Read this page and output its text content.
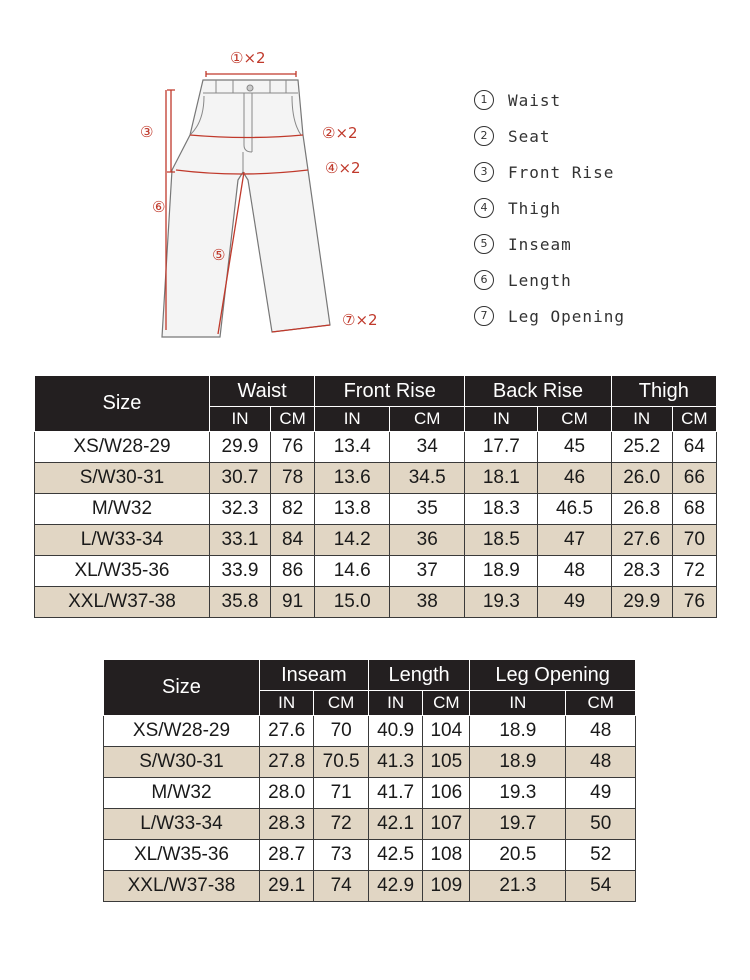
①×2
②×2
④×2
③
⑥
⑤
⑦×2
1	Waist
2	Seat
3	Front Rise
4	Thigh
5	Inseam
6	Length
7	Leg Opening
Size	Waist		Front Rise		Back Rise		Thigh	
	IN	CM	IN	CM	IN	CM	IN	CM
XS/W28-29	29.9	76	13.4	34	17.7	45	25.2	64
S/W30-31	30.7	78	13.6	34.5	18.1	46	26.0	66
M/W32	32.3	82	13.8	35	18.3	46.5	26.8	68
L/W33-34	33.1	84	14.2	36	18.5	47	27.6	70
XL/W35-36	33.9	86	14.6	37	18.9	48	28.3	72
XXL/W37-38	35.8	91	15.0	38	19.3	49	29.9	76
Size	Inseam		Length		Leg Opening	
	IN	CM	IN	CM	IN	CM
XS/W28-29	27.6	70	40.9	104	18.9	48
S/W30-31	27.8	70.5	41.3	105	18.9	48
M/W32	28.0	71	41.7	106	19.3	49
L/W33-34	28.3	72	42.1	107	19.7	50
XL/W35-36	28.7	73	42.5	108	20.5	52
XXL/W37-38	29.1	74	42.9	109	21.3	54
